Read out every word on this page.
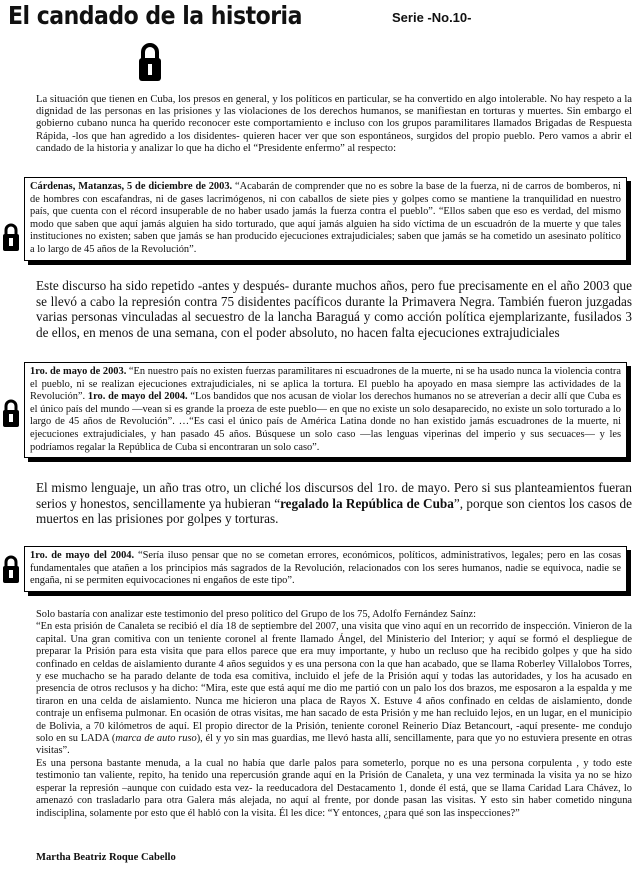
El candado de la historia	Serie -No.10-
La situación que tienen en Cuba, los presos en general, y los políticos en particular, se ha convertido en algo intolerable. No hay respeto a la dignidad de las personas en las prisiones y las violaciones de los derechos humanos, se manifiestan en torturas y muertes. Sin embargo el gobierno cubano nunca ha querido reconocer este comportamiento e incluso con los grupos paramilitares llamados Brigadas de Respuesta Rápida, -los que han agredido a los disidentes- quieren hacer ver que son espontáneos, surgidos del propio pueblo. Pero vamos a abrir el candado de la historia y analizar lo que ha dicho el “Presidente enfermo” al respecto:
Cárdenas, Matanzas, 5 de diciembre de 2003. “Acabarán de comprender que no es sobre la base de la fuerza, ni de carros de bomberos, ni de hombres con escafandras, ni de gases lacrimógenos, ni con caballos de siete pies y golpes como se mantiene la tranquilidad en nuestro país, que cuenta con el récord insuperable de no haber usado jamás la fuerza contra el pueblo”. “Ellos saben que eso es verdad, del mismo modo que saben que aquí jamás alguien ha sido torturado, que aquí jamás alguien ha sido víctima de un escuadrón de la muerte y que tales instituciones no existen; saben que jamás se han producido ejecuciones extrajudiciales; saben que jamás se ha cometido un asesinato político a lo largo de 45 años de la Revolución”.
Este discurso ha sido repetido -antes y después- durante muchos años, pero fue precisamente en el año 2003 que se llevó a cabo la represión contra 75 disidentes pacíficos durante la Primavera Negra. También fueron juzgadas varias personas vinculadas al secuestro de la lancha Baraguá y como acción política ejemplarizante, fusilados 3 de ellos, en menos de una semana, con el poder absoluto, no hacen falta ejecuciones extrajudiciales
1ro. de mayo de 2003. “En nuestro país no existen fuerzas paramilitares ni escuadrones de la muerte, ni se ha usado nunca la violencia contra el pueblo, ni se realizan ejecuciones extrajudiciales, ni se aplica la tortura. El pueblo ha apoyado en masa siempre las actividades de la Revolución”. 1ro. de mayo del 2004. “Los bandidos que nos acusan de violar los derechos humanos no se atreverían a decir allí que Cuba es el único país del mundo —vean si es grande la proeza de este pueblo— en que no existe un solo desaparecido, no existe un solo torturado a lo largo de 45 años de Revolución”. …“Es casi el único país de América Latina donde no han existido jamás escuadrones de la muerte, ni ejecuciones extrajudiciales, y han pasado 45 años. Búsquese un solo caso —las lenguas viperinas del imperio y sus secuaces— y les podríamos regalar la República de Cuba si encontraran un solo caso”.
El mismo lenguaje, un año tras otro, un cliché los discursos del 1ro. de mayo. Pero si sus planteamientos fueran serios y honestos, sencillamente ya hubieran “regalado la República de Cuba”, porque son cientos los casos de muertos en las prisiones por golpes y torturas.
1ro. de mayo del 2004. “Sería iluso pensar que no se cometan errores, económicos, políticos, administrativos, legales; pero en las cosas fundamentales que atañen a los principios más sagrados de la Revolución, relacionados con los seres humanos, nadie se equivoca, nadie se engaña, ni se permiten equivocaciones ni engaños de este tipo”.
Solo bastaría con analizar este testimonio del preso político del Grupo de los 75, Adolfo Fernández Saínz:
“En esta prisión de Canaleta se recibió el día 18 de septiembre del 2007, una visita que vino aquí en un recorrido de inspección. Vinieron de la capital. Una gran comitiva con un teniente coronel al frente llamado Ángel, del Ministerio del Interior; y aquí se formó el despliegue de preparar la Prisión para esta visita que para ellos parece que era muy importante, y hubo un recluso que ha recibido golpes y que ha sido confinado en celdas de aislamiento durante 4 años seguidos y es una persona con la que han acabado, que se llama Roberley Villalobos Torres, y ese muchacho se ha parado delante de toda esa comitiva, incluido el jefe de la Prisión aquí y todas las autoridades, y los ha acusado en presencia de otros reclusos y ha dicho: “Mira, este que está aquí me dio me partió con un palo los dos brazos, me esposaron a la espalda y me tiraron en una celda de aislamiento. Nunca me hicieron una placa de Rayos X. Estuve 4 años confinado en celdas de aislamiento, donde contraje un enfisema pulmonar. En ocasión de otras visitas, me han sacado de esta Prisión y me han recluido lejos, en un lugar, en el municipio de Bolivia, a 70 kilómetros de aquí. El propio director de la Prisión, teniente coronel Reinerio Díaz Betancourt, -aquí presente- me condujo solo en su LADA (marca de auto ruso), él y yo sin mas guardias, me llevó hasta allí, sencillamente, para que yo no estuviera presente en otras visitas”.
Es una persona bastante menuda, a la cual no había que darle palos para someterlo, porque no es una persona corpulenta , y todo este testimonio tan valiente, repito, ha tenido una repercusión grande aquí en la Prisión de Canaleta, y una vez terminada la visita ya no se hizo esperar la represión –aunque con cuidado esta vez- la reeducadora del Destacamento 1, donde él está, que se llama Caridad Lara Chávez, lo amenazó con trasladarlo para otra Galera más alejada, no aquí al frente, por donde pasan las visitas. Y esto sin haber cometido ninguna indisciplina, solamente por esto que él habló con la visita. Él les dice: “Y entonces, ¿para qué son las inspecciones?”
Martha Beatriz Roque Cabello
